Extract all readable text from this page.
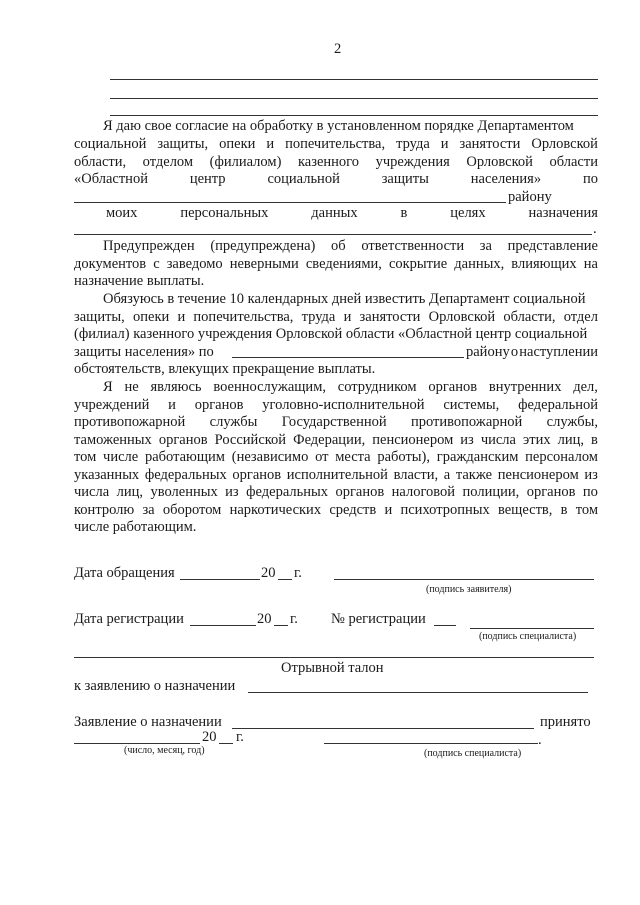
2
Я даю свое согласие на обработку в установленном порядке Департаментом
социальной защиты, опеки и попечительства, труда и занятости Орловской
области, отделом (филиалом) казенного учреждения Орловской области
«Областной	центр	социальной	защиты	населения»	по
району
моих	персональных	данных	в	целях	назначения
.
Предупрежден (предупреждена) об ответственности за представление
документов с заведомо неверными сведениями, сокрытие данных, влияющих на
назначение выплаты.
Обязуюсь в течение 10 календарных дней известить Департамент социальной
защиты, опеки и попечительства, труда и занятости Орловской области, отдел
(филиал) казенного учреждения Орловской области «Областной центр социальной
защиты населения» по	району о наступлении
обстоятельств, влекущих прекращение выплаты.
Я не являюсь военнослужащим, сотрудником органов внутренних дел,
учреждений и органов уголовно-исполнительной системы, федеральной
противопожарной службы Государственной противопожарной службы,
таможенных органов Российской Федерации, пенсионером из числа этих лиц, в
том числе работающим (независимо от места работы), гражданским персоналом
указанных федеральных органов исполнительной власти, а также пенсионером из
числа лиц, уволенных из федеральных органов налоговой полиции, органов по
контролю за оборотом наркотических средств и психотропных веществ, в том
числе работающим.
Дата обращения	20 г.
(подпись заявителя)
Дата регистрации	20 г. № регистрации
(подпись специалиста)
Отрывной талон
к заявлению о назначении
Заявление о назначении	принято
20 г.	.
(число, месяц, год)	(подпись специалиста)
